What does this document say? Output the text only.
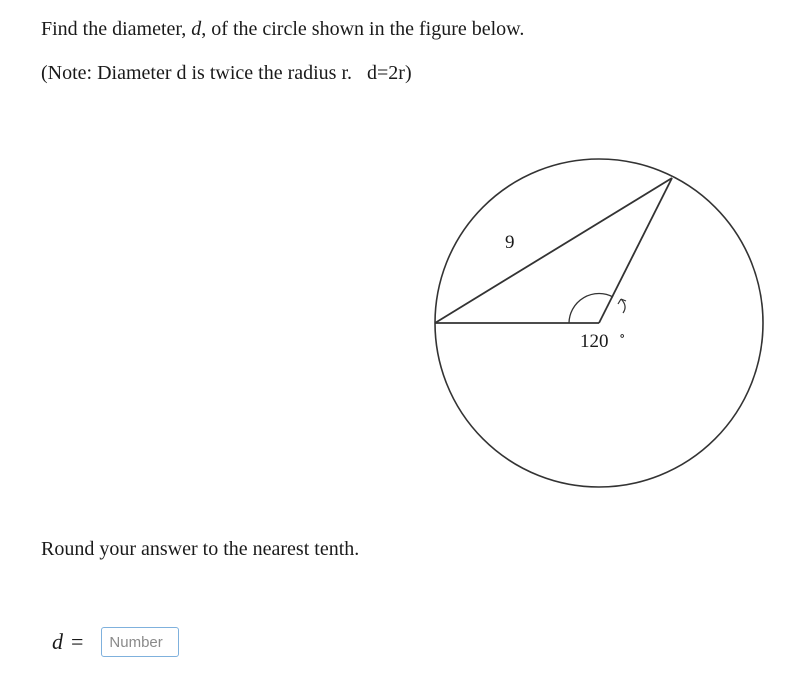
Find the diameter, d, of the circle shown in the figure below.

(Note: Diameter d is twice the radius r.   d=2r)

9
120 ∘

Round your answer to the nearest tenth.

d =
Number
